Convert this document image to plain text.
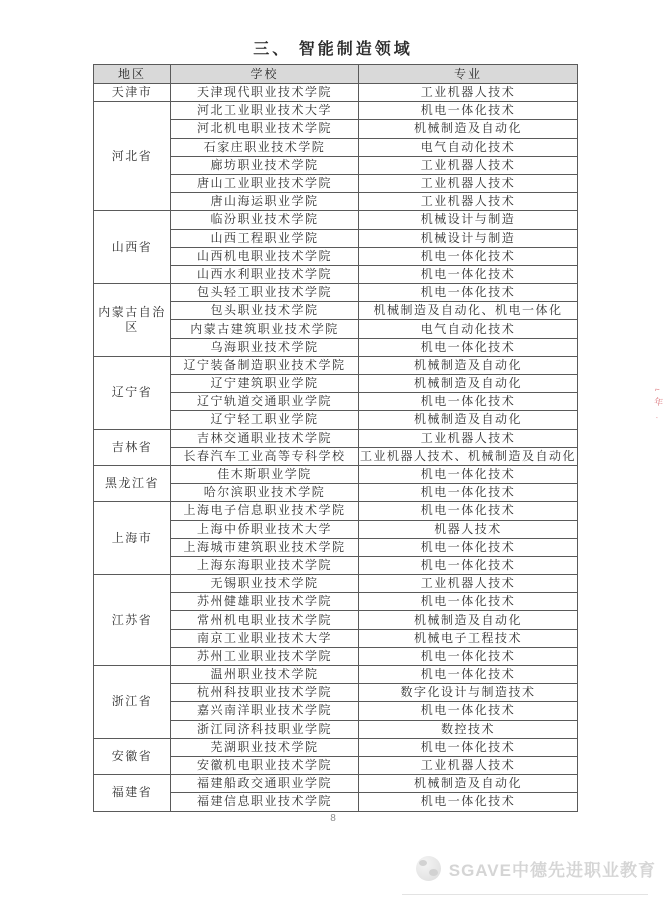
三、 智能制造领域
地区	学校	专业
天津市	天津现代职业技术学院	工业机器人技术
河北省	河北工业职业技术大学	机电一体化技术
	河北机电职业技术学院	机械制造及自动化
	石家庄职业技术学院	电气自动化技术
	廊坊职业技术学院	工业机器人技术
	唐山工业职业技术学院	工业机器人技术
	唐山海运职业学院	工业机器人技术
山西省	临汾职业技术学院	机械设计与制造
	山西工程职业学院	机械设计与制造
	山西机电职业技术学院	机电一体化技术
	山西水利职业技术学院	机电一体化技术
内蒙古自治区	包头轻工职业技术学院	机电一体化技术
	包头职业技术学院	机械制造及自动化、机电一体化
	内蒙古建筑职业技术学院	电气自动化技术
	乌海职业技术学院	机电一体化技术
辽宁省	辽宁装备制造职业技术学院	机械制造及自动化
	辽宁建筑职业学院	机械制造及自动化
	辽宁轨道交通职业学院	机电一体化技术
	辽宁轻工职业学院	机械制造及自动化
吉林省	吉林交通职业技术学院	工业机器人技术
	长春汽车工业高等专科学校	工业机器人技术、机械制造及自动化
黑龙江省	佳木斯职业学院	机电一体化技术
	哈尔滨职业技术学院	机电一体化技术
上海市	上海电子信息职业技术学院	机电一体化技术
	上海中侨职业技术大学	机器人技术
	上海城市建筑职业技术学院	机电一体化技术
	上海东海职业技术学院	机电一体化技术
江苏省	无锡职业技术学院	工业机器人技术
	苏州健雄职业技术学院	机电一体化技术
	常州机电职业技术学院	机械制造及自动化
	南京工业职业技术大学	机械电子工程技术
	苏州工业职业技术学院	机电一体化技术
浙江省	温州职业技术学院	机电一体化技术
	杭州科技职业技术学院	数字化设计与制造技术
	嘉兴南洋职业技术学院	机电一体化技术
	浙江同济科技职业学院	数控技术
安徽省	芜湖职业技术学院	机电一体化技术
	安徽机电职业技术学院	工业机器人技术
福建省	福建船政交通职业学院	机械制造及自动化
	福建信息职业技术学院	机电一体化技术
8
⌐
年
.
SGAVE中德先进职业教育
